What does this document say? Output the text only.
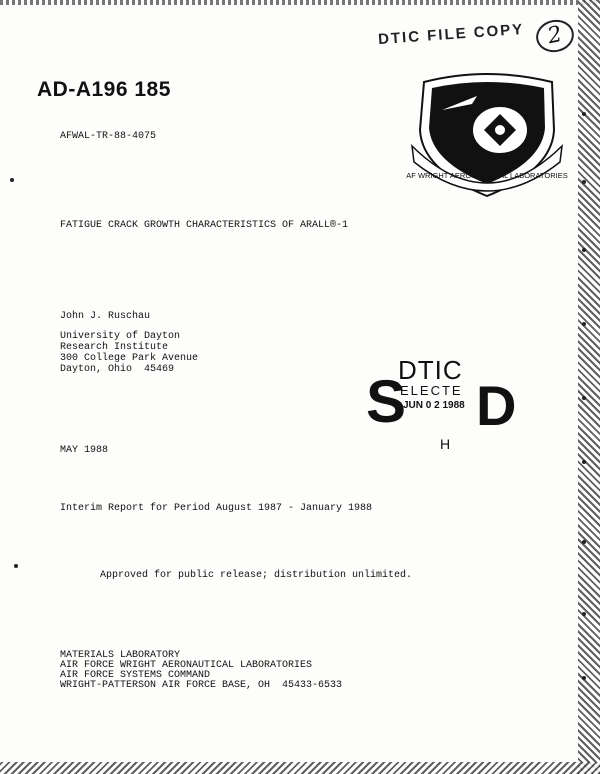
DTIC FILE COPY 2
AD-A196 185
AFWAL-TR-88-4075
AF WRIGHT AERONAUTICAL LABORATORIES
FATIGUE CRACK GROWTH CHARACTERISTICS OF ARALL®-1
John J. Ruschau
University of Dayton
Research Institute
300 College Park Avenue
Dayton, Ohio  45469	DTIC
ELECTE
JUN 0 2 1988
S D
H
MAY 1988
Interim Report for Period August 1987 - January 1988
Approved for public release; distribution unlimited.
MATERIALS LABORATORY
AIR FORCE WRIGHT AERONAUTICAL LABORATORIES
AIR FORCE SYSTEMS COMMAND
WRIGHT-PATTERSON AIR FORCE BASE, OH  45433-6533
